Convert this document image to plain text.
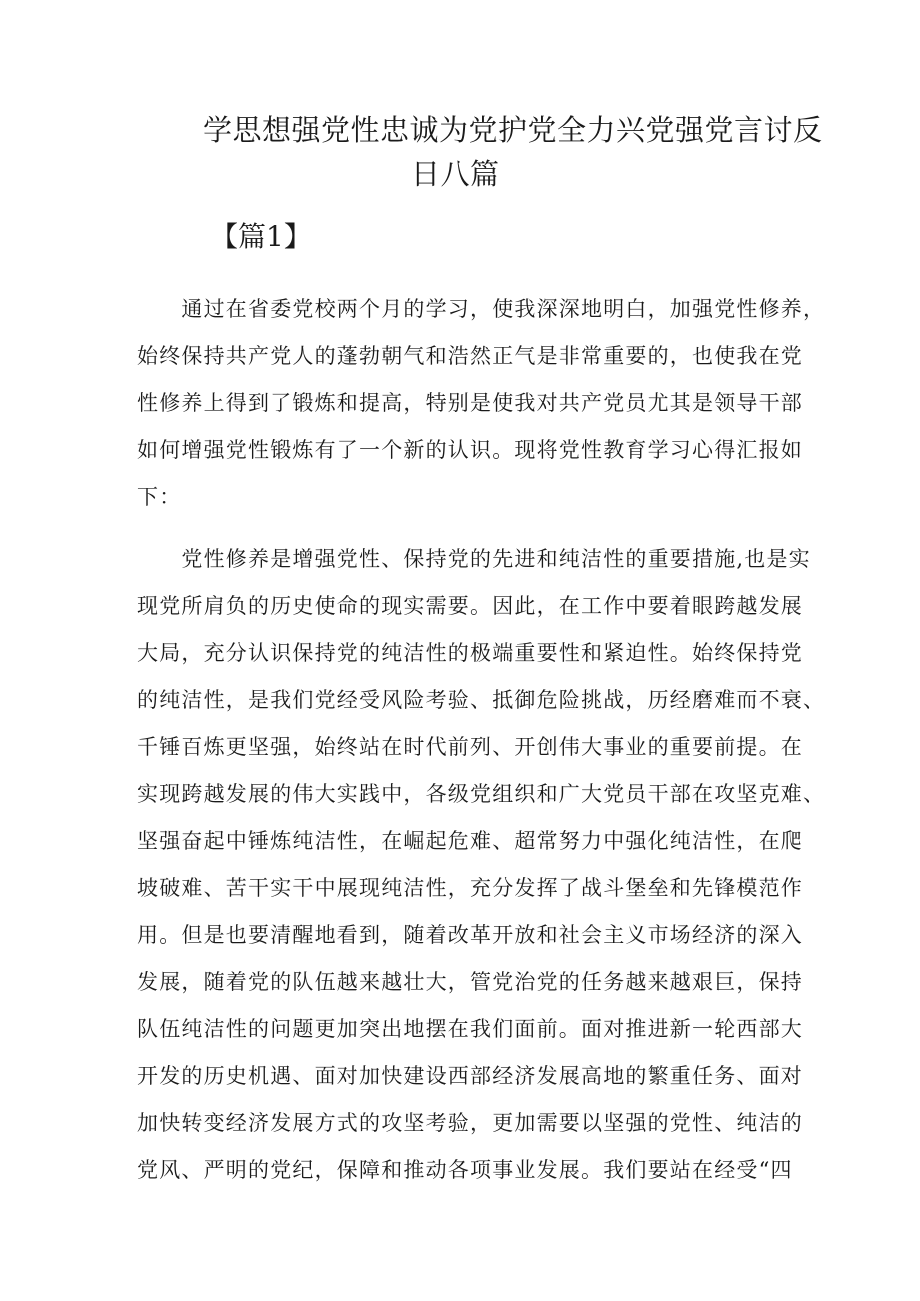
学思想强党性忠诚为党护党全力兴党强党言讨反
日八篇
【篇1】
　　通过在省委党校两个月的学习，使我深深地明白，加强党性修养，
始终保持共产党人的蓬勃朝气和浩然正气是非常重要的，也使我在党
性修养上得到了锻炼和提高，特别是使我对共产党员尤其是领导干部
如何增强党性锻炼有了一个新的认识。现将党性教育学习心得汇报如
下：
　　党性修养是增强党性、保持党的先进和纯洁性的重要措施,也是实
现党所肩负的历史使命的现实需要。因此，在工作中要着眼跨越发展
大局，充分认识保持党的纯洁性的极端重要性和紧迫性。始终保持党
的纯洁性，是我们党经受风险考验、抵御危险挑战，历经磨难而不衰、
千锤百炼更坚强，始终站在时代前列、开创伟大事业的重要前提。在
实现跨越发展的伟大实践中，各级党组织和广大党员干部在攻坚克难、
坚强奋起中锤炼纯洁性，在崛起危难、超常努力中强化纯洁性，在爬
坡破难、苦干实干中展现纯洁性，充分发挥了战斗堡垒和先锋模范作
用。但是也要清醒地看到，随着改革开放和社会主义市场经济的深入
发展，随着党的队伍越来越壮大，管党治党的任务越来越艰巨，保持
队伍纯洁性的问题更加突出地摆在我们面前。面对推进新一轮西部大
开发的历史机遇、面对加快建设西部经济发展高地的繁重任务、面对
加快转变经济发展方式的攻坚考验，更加需要以坚强的党性、纯洁的
党风、严明的党纪，保障和推动各项事业发展。我们要站在经受“四
